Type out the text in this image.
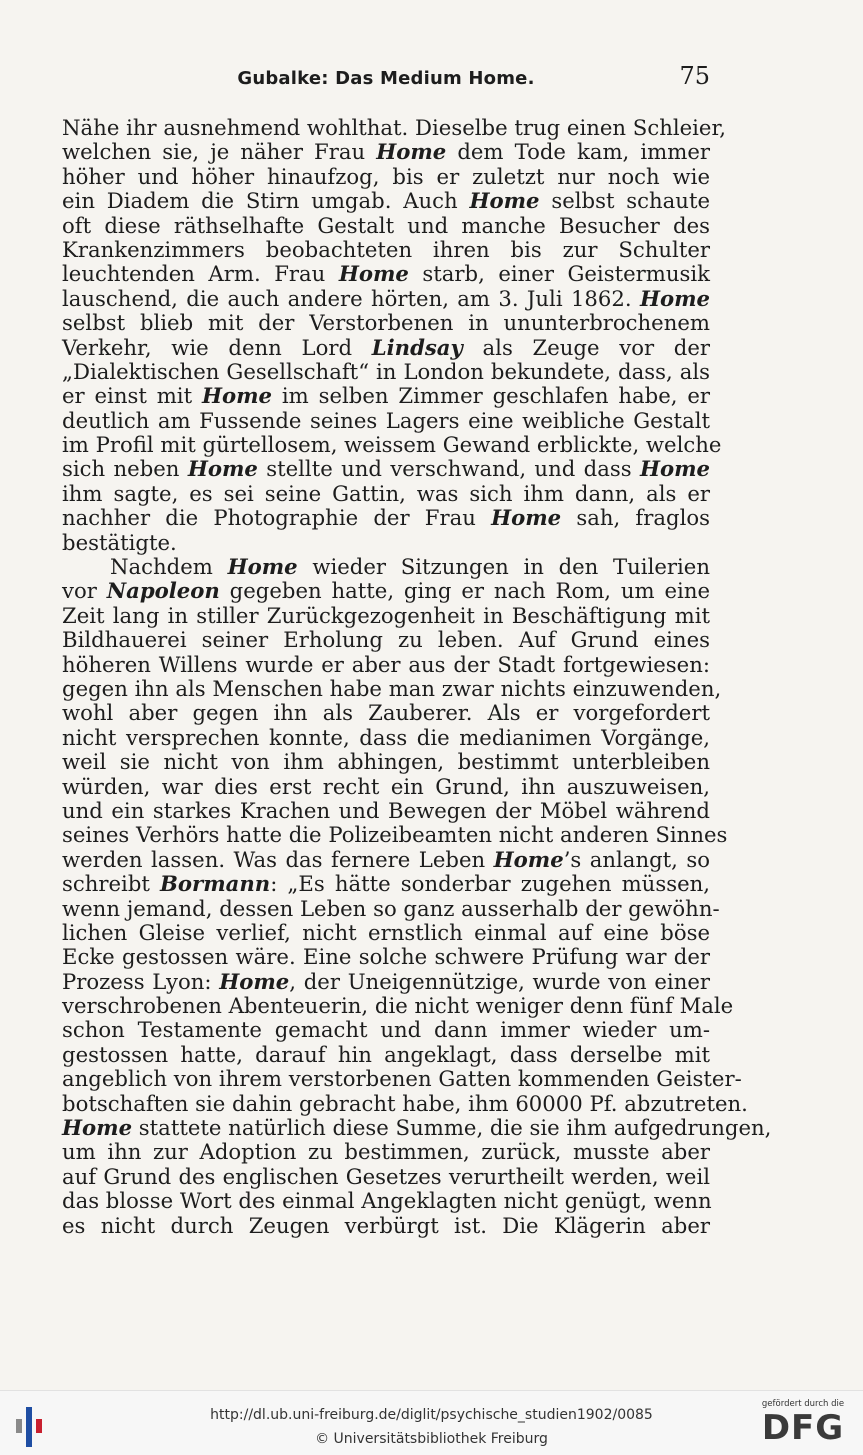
Gubalke: Das Medium Home.	75
Nähe ihr ausnehmend wohlthat. Dieselbe trug einen Schleier,
welchen sie, je näher Frau Home dem Tode kam, immer
höher und höher hinaufzog, bis er zuletzt nur noch wie
ein Diadem die Stirn umgab. Auch Home selbst schaute
oft diese räthselhafte Gestalt und manche Besucher des
Krankenzimmers beobachteten ihren bis zur Schulter
leuchtenden Arm. Frau Home starb, einer Geistermusik
lauschend, die auch andere hörten, am 3. Juli 1862. Home
selbst blieb mit der Verstorbenen in ununterbrochenem
Verkehr, wie denn Lord Lindsay als Zeuge vor der
„Dialektischen Gesellschaft“ in London bekundete, dass, als
er einst mit Home im selben Zimmer geschlafen habe, er
deutlich am Fussende seines Lagers eine weibliche Gestalt
im Profil mit gürtellosem, weissem Gewand erblickte, welche
sich neben Home stellte und verschwand, und dass Home
ihm sagte, es sei seine Gattin, was sich ihm dann, als er
nachher die Photographie der Frau Home sah, fraglos
bestätigte.
Nachdem Home wieder Sitzungen in den Tuilerien
vor Napoleon gegeben hatte, ging er nach Rom, um eine
Zeit lang in stiller Zurückgezogenheit in Beschäftigung mit
Bildhauerei seiner Erholung zu leben. Auf Grund eines
höheren Willens wurde er aber aus der Stadt fortgewiesen:
gegen ihn als Menschen habe man zwar nichts einzuwenden,
wohl aber gegen ihn als Zauberer. Als er vorgefordert
nicht versprechen konnte, dass die medianimen Vorgänge,
weil sie nicht von ihm abhingen, bestimmt unterbleiben
würden, war dies erst recht ein Grund, ihn auszuweisen,
und ein starkes Krachen und Bewegen der Möbel während
seines Verhörs hatte die Polizeibeamten nicht anderen Sinnes
werden lassen. Was das fernere Leben Home’s anlangt, so
schreibt Bormann: „Es hätte sonderbar zugehen müssen,
wenn jemand, dessen Leben so ganz ausserhalb der gewöhn-
lichen Gleise verlief, nicht ernstlich einmal auf eine böse
Ecke gestossen wäre. Eine solche schwere Prüfung war der
Prozess Lyon: Home, der Uneigennützige, wurde von einer
verschrobenen Abenteuerin, die nicht weniger denn fünf Male
schon Testamente gemacht und dann immer wieder um-
gestossen hatte, darauf hin angeklagt, dass derselbe mit
angeblich von ihrem verstorbenen Gatten kommenden Geister-
botschaften sie dahin gebracht habe, ihm 60000 Pf. abzutreten.
Home stattete natürlich diese Summe, die sie ihm aufgedrungen,
um ihn zur Adoption zu bestimmen, zurück, musste aber
auf Grund des englischen Gesetzes verurtheilt werden, weil
das blosse Wort des einmal Angeklagten nicht genügt, wenn
es nicht durch Zeugen verbürgt ist. Die Klägerin aber
http://dl.ub.uni-freiburg.de/diglit/psychische_studien1902/0085
© Universitätsbibliothek Freiburg
gefördert durch die
DFG
